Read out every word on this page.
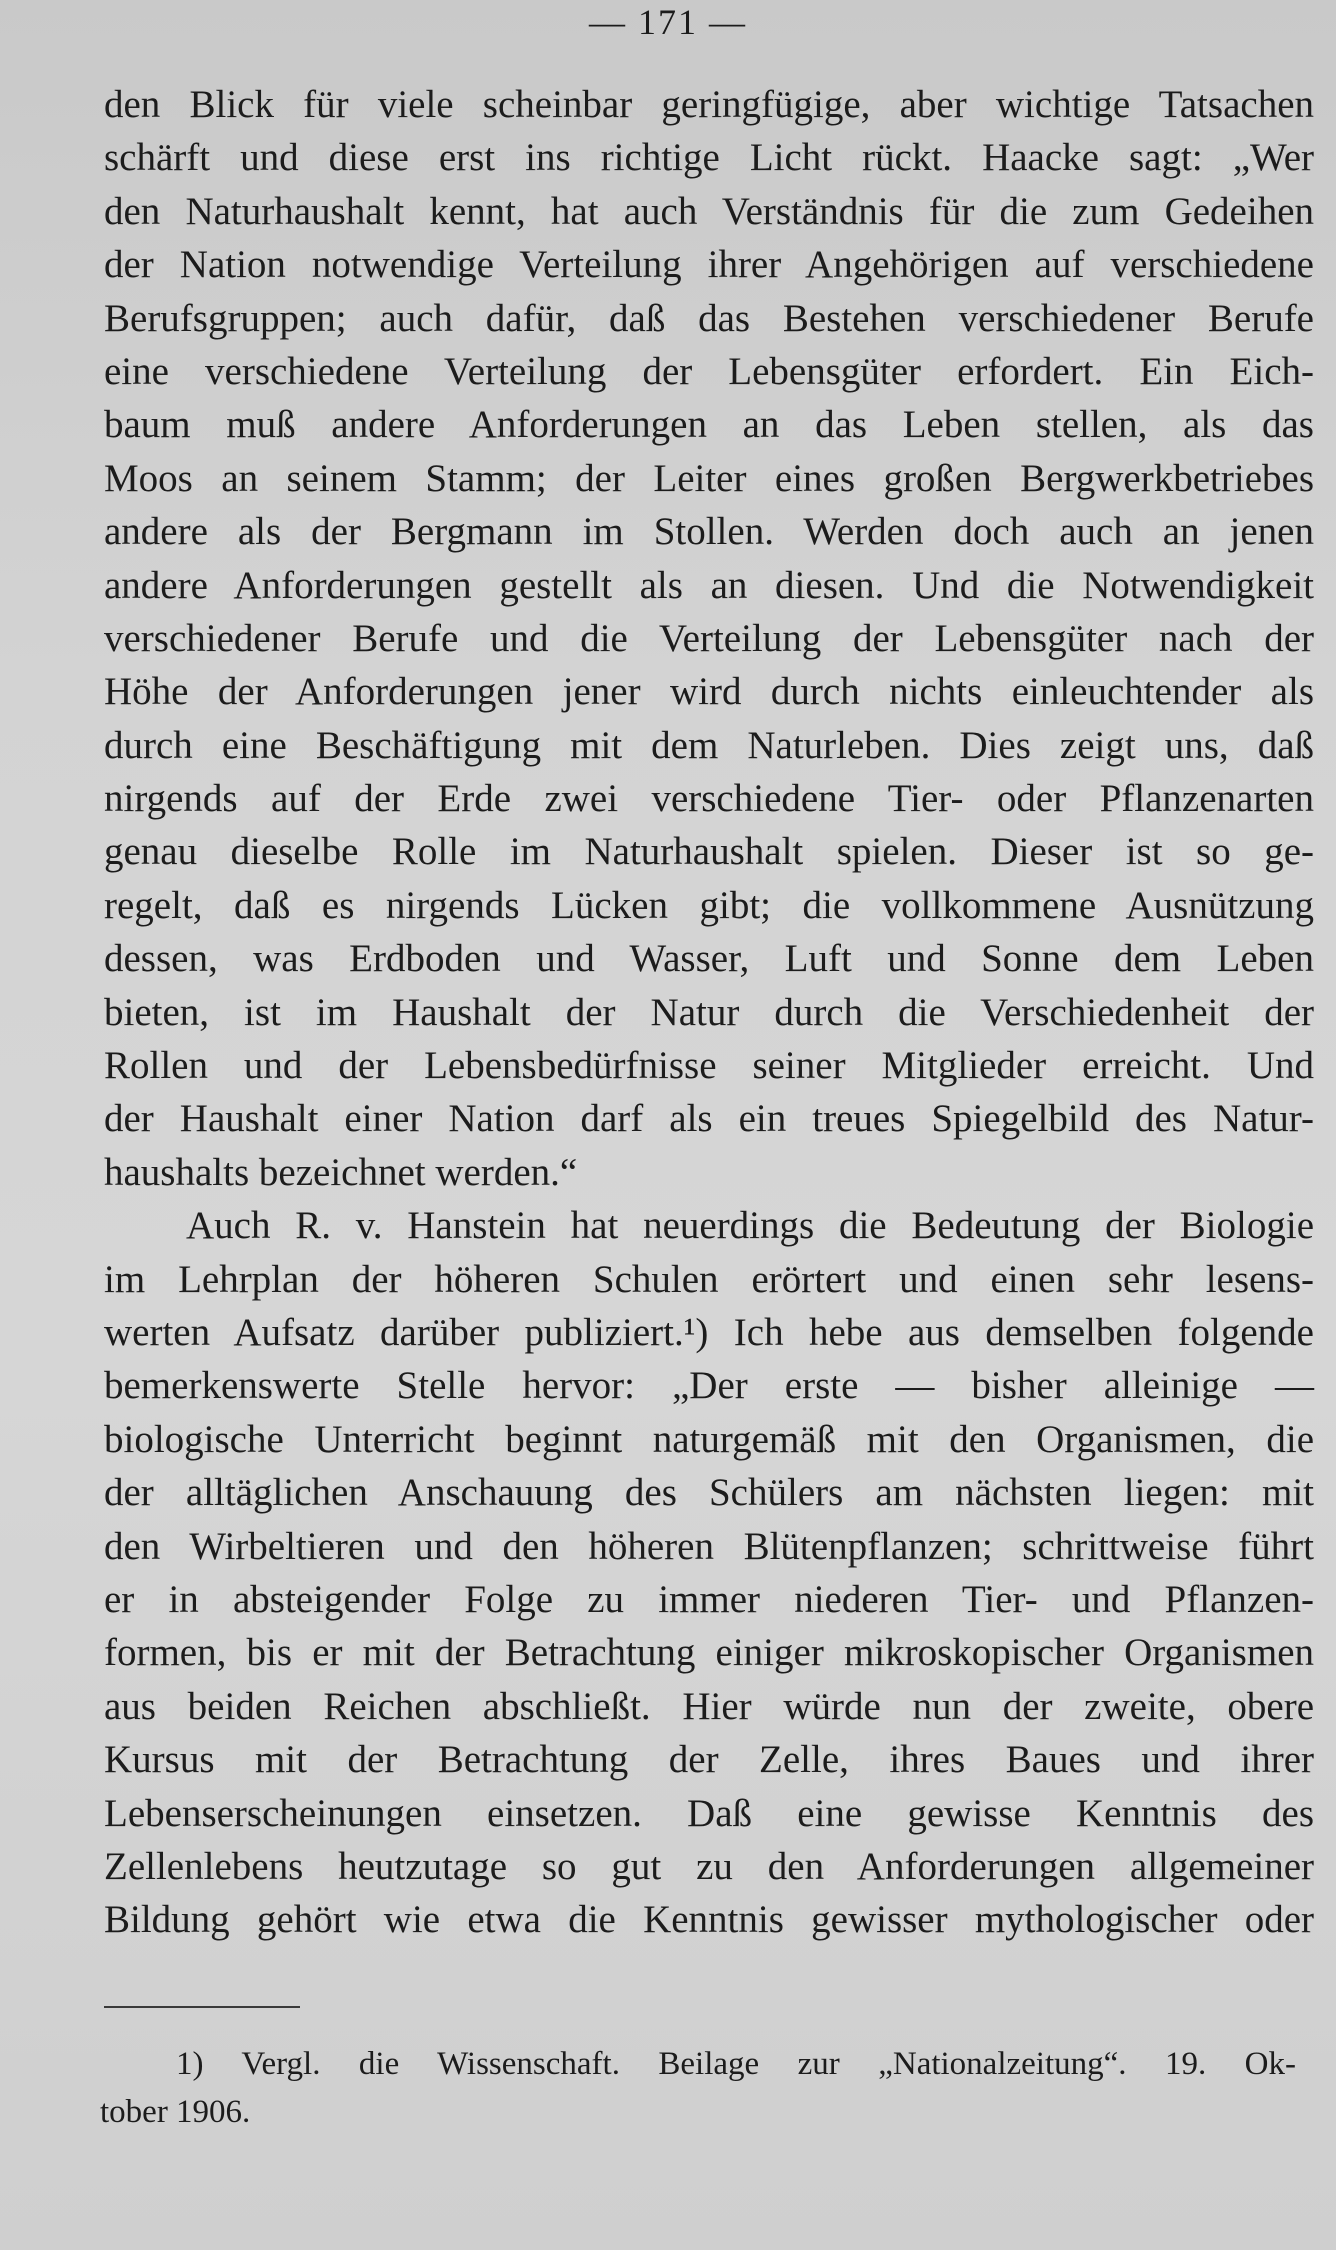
— 171 —
den Blick für viele scheinbar geringfügige, aber wichtige Tatsachen
schärft und diese erst ins richtige Licht rückt. Haacke sagt: „Wer
den Naturhaushalt kennt, hat auch Verständnis für die zum Gedeihen
der Nation notwendige Verteilung ihrer Angehörigen auf verschiedene
Berufsgruppen; auch dafür, daß das Bestehen verschiedener Berufe
eine verschiedene Verteilung der Lebensgüter erfordert. Ein Eich-
baum muß andere Anforderungen an das Leben stellen, als das
Moos an seinem Stamm; der Leiter eines großen Bergwerkbetriebes
andere als der Bergmann im Stollen. Werden doch auch an jenen
andere Anforderungen gestellt als an diesen. Und die Notwendigkeit
verschiedener Berufe und die Verteilung der Lebensgüter nach der
Höhe der Anforderungen jener wird durch nichts einleuchtender als
durch eine Beschäftigung mit dem Naturleben. Dies zeigt uns, daß
nirgends auf der Erde zwei verschiedene Tier- oder Pflanzenarten
genau dieselbe Rolle im Naturhaushalt spielen. Dieser ist so ge-
regelt, daß es nirgends Lücken gibt; die vollkommene Ausnützung
dessen, was Erdboden und Wasser, Luft und Sonne dem Leben
bieten, ist im Haushalt der Natur durch die Verschiedenheit der
Rollen und der Lebensbedürfnisse seiner Mitglieder erreicht. Und
der Haushalt einer Nation darf als ein treues Spiegelbild des Natur-
haushalts bezeichnet werden.“
Auch R. v. Hanstein hat neuerdings die Bedeutung der Biologie
im Lehrplan der höheren Schulen erörtert und einen sehr lesens-
werten Aufsatz darüber publiziert.¹) Ich hebe aus demselben folgende
bemerkenswerte Stelle hervor: „Der erste — bisher alleinige —
biologische Unterricht beginnt naturgemäß mit den Organismen, die
der alltäglichen Anschauung des Schülers am nächsten liegen: mit
den Wirbeltieren und den höheren Blütenpflanzen; schrittweise führt
er in absteigender Folge zu immer niederen Tier- und Pflanzen-
formen, bis er mit der Betrachtung einiger mikroskopischer Organismen
aus beiden Reichen abschließt. Hier würde nun der zweite, obere
Kursus mit der Betrachtung der Zelle, ihres Baues und ihrer
Lebenserscheinungen einsetzen. Daß eine gewisse Kenntnis des
Zellenlebens heutzutage so gut zu den Anforderungen allgemeiner
Bildung gehört wie etwa die Kenntnis gewisser mythologischer oder
1) Vergl. die Wissenschaft. Beilage zur „Nationalzeitung“. 19. Ok-
tober 1906.
